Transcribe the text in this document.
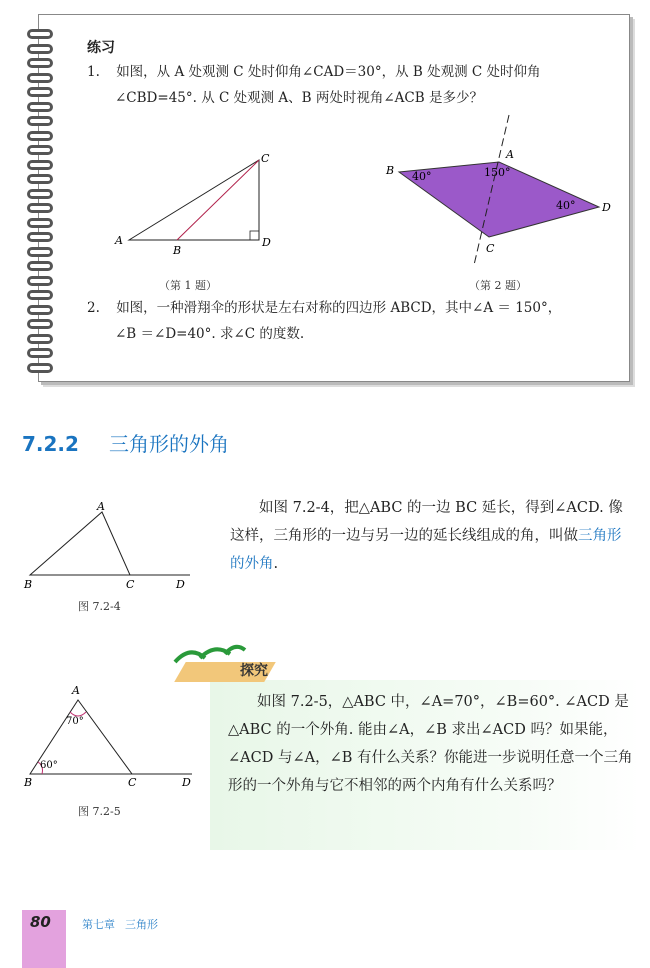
练习
1. 如图，从 A 处观测 C 处时仰角∠CAD＝30°，从 B 处观测 C 处时仰角
∠CBD=45°. 从 C 处观测 A、B 两处时视角∠ACB 是多少？
A
B
C
D
（第 1 题）
B
A
D
C
40°	150°
40°
（第 2 题）
2. 如图，一种滑翔伞的形状是左右对称的四边形 ABCD，其中∠A ＝ 150°，
∠B ＝∠D=40°. 求∠C 的度数.
7.2.2 三角形的外角
A
B	C	D
图 7.2-4
如图 7.2-4，把△ABC 的一边 BC 延长，得到∠ACD. 像这样，三角形的一边与另一边的延长线组成的角，叫做三角形的外角.
探究
如图 7.2-5，△ABC 中，∠A=70°，∠B=60°. ∠ACD 是△ABC 的一个外角. 能由∠A，∠B 求出∠ACD 吗？如果能，∠ACD 与∠A，∠B 有什么关系？你能进一步说明任意一个三角形的一个外角与它不相邻的两个内角有什么关系吗？
A
B	C	D
70°
60°
图 7.2-5
80	第七章 三角形
